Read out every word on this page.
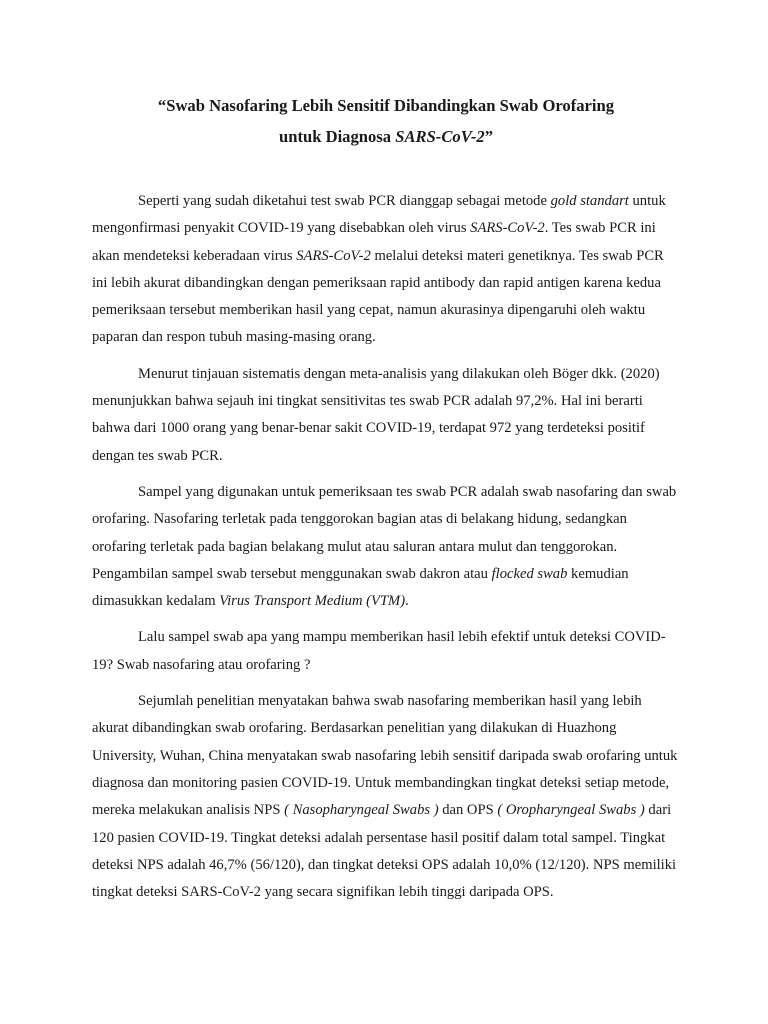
“Swab Nasofaring Lebih Sensitif Dibandingkan Swab Orofaring
untuk Diagnosa SARS-CoV-2”

Seperti yang sudah diketahui test swab PCR dianggap sebagai metode gold standart untuk mengonfirmasi penyakit COVID-19 yang disebabkan oleh virus SARS-CoV-2. Tes swab PCR ini akan mendeteksi keberadaan virus SARS-CoV-2 melalui deteksi materi genetiknya. Tes swab PCR ini lebih akurat dibandingkan dengan pemeriksaan rapid antibody dan rapid antigen karena kedua pemeriksaan tersebut memberikan hasil yang cepat, namun akurasinya dipengaruhi oleh waktu paparan dan respon tubuh masing-masing orang.

Menurut tinjauan sistematis dengan meta-analisis yang dilakukan oleh Böger dkk. (2020) menunjukkan bahwa sejauh ini tingkat sensitivitas tes swab PCR adalah 97,2%. Hal ini berarti bahwa dari 1000 orang yang benar-benar sakit COVID-19, terdapat 972 yang terdeteksi positif dengan tes swab PCR.

Sampel yang digunakan untuk pemeriksaan tes swab PCR adalah swab nasofaring dan swab orofaring. Nasofaring terletak pada tenggorokan bagian atas di belakang hidung, sedangkan orofaring terletak pada bagian belakang mulut atau saluran antara mulut dan tenggorokan. Pengambilan sampel swab tersebut menggunakan swab dakron atau flocked swab kemudian dimasukkan kedalam Virus Transport Medium (VTM).

Lalu sampel swab apa yang mampu memberikan hasil lebih efektif untuk deteksi COVID-19? Swab nasofaring atau orofaring ?

Sejumlah penelitian menyatakan bahwa swab nasofaring memberikan hasil yang lebih akurat dibandingkan swab orofaring. Berdasarkan penelitian yang dilakukan di Huazhong University, Wuhan, China menyatakan swab nasofaring lebih sensitif daripada swab orofaring untuk diagnosa dan monitoring pasien COVID-19. Untuk membandingkan tingkat deteksi setiap metode, mereka melakukan analisis NPS ( Nasopharyngeal Swabs ) dan OPS ( Oropharyngeal Swabs ) dari 120 pasien COVID-19. Tingkat deteksi adalah persentase hasil positif dalam total sampel. Tingkat deteksi NPS adalah 46,7% (56/120), dan tingkat deteksi OPS adalah 10,0% (12/120). NPS memiliki tingkat deteksi SARS-CoV-2 yang secara signifikan lebih tinggi daripada OPS.
